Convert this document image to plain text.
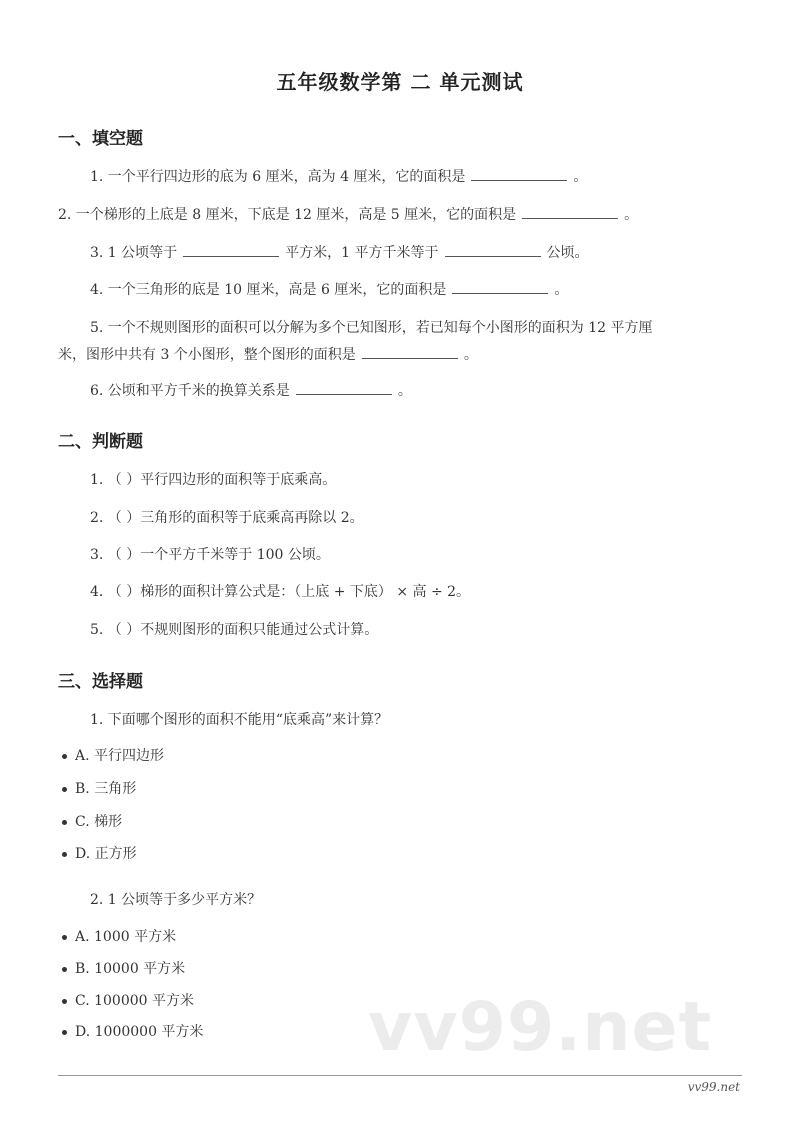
五年级数学第 二 单元测试
一、填空题
1. 一个平行四边形的底为 6 厘米，高为 4 厘米，它的面积是	。
2. 一个梯形的上底是 8 厘米，下底是 12 厘米，高是 5 厘米，它的面积是	。
3. 1 公顷等于	平方米，1 平方千米等于	公顷。
4. 一个三角形的底是 10 厘米，高是 6 厘米，它的面积是	。
5. 一个不规则图形的面积可以分解为多个已知图形，若已知每个小图形的面积为 12 平方厘
米，图形中共有 3 个小图形，整个图形的面积是	。
6. 公顷和平方千米的换算关系是	。
二、判断题
1. （ ）平行四边形的面积等于底乘高。
2. （ ）三角形的面积等于底乘高再除以 2。
3. （ ）一个平方千米等于 100 公顷。
4. （ ）梯形的面积计算公式是：（上底 + 下底） × 高 ÷ 2。
5. （ ）不规则图形的面积只能通过公式计算。
三、选择题
1. 下面哪个图形的面积不能用“底乘高”来计算？
A. 平行四边形
B. 三角形
C. 梯形
D. 正方形
2. 1 公顷等于多少平方米？
A. 1000 平方米
B. 10000 平方米
C. 100000 平方米
D. 1000000 平方米 vv99.net
vv99.net
